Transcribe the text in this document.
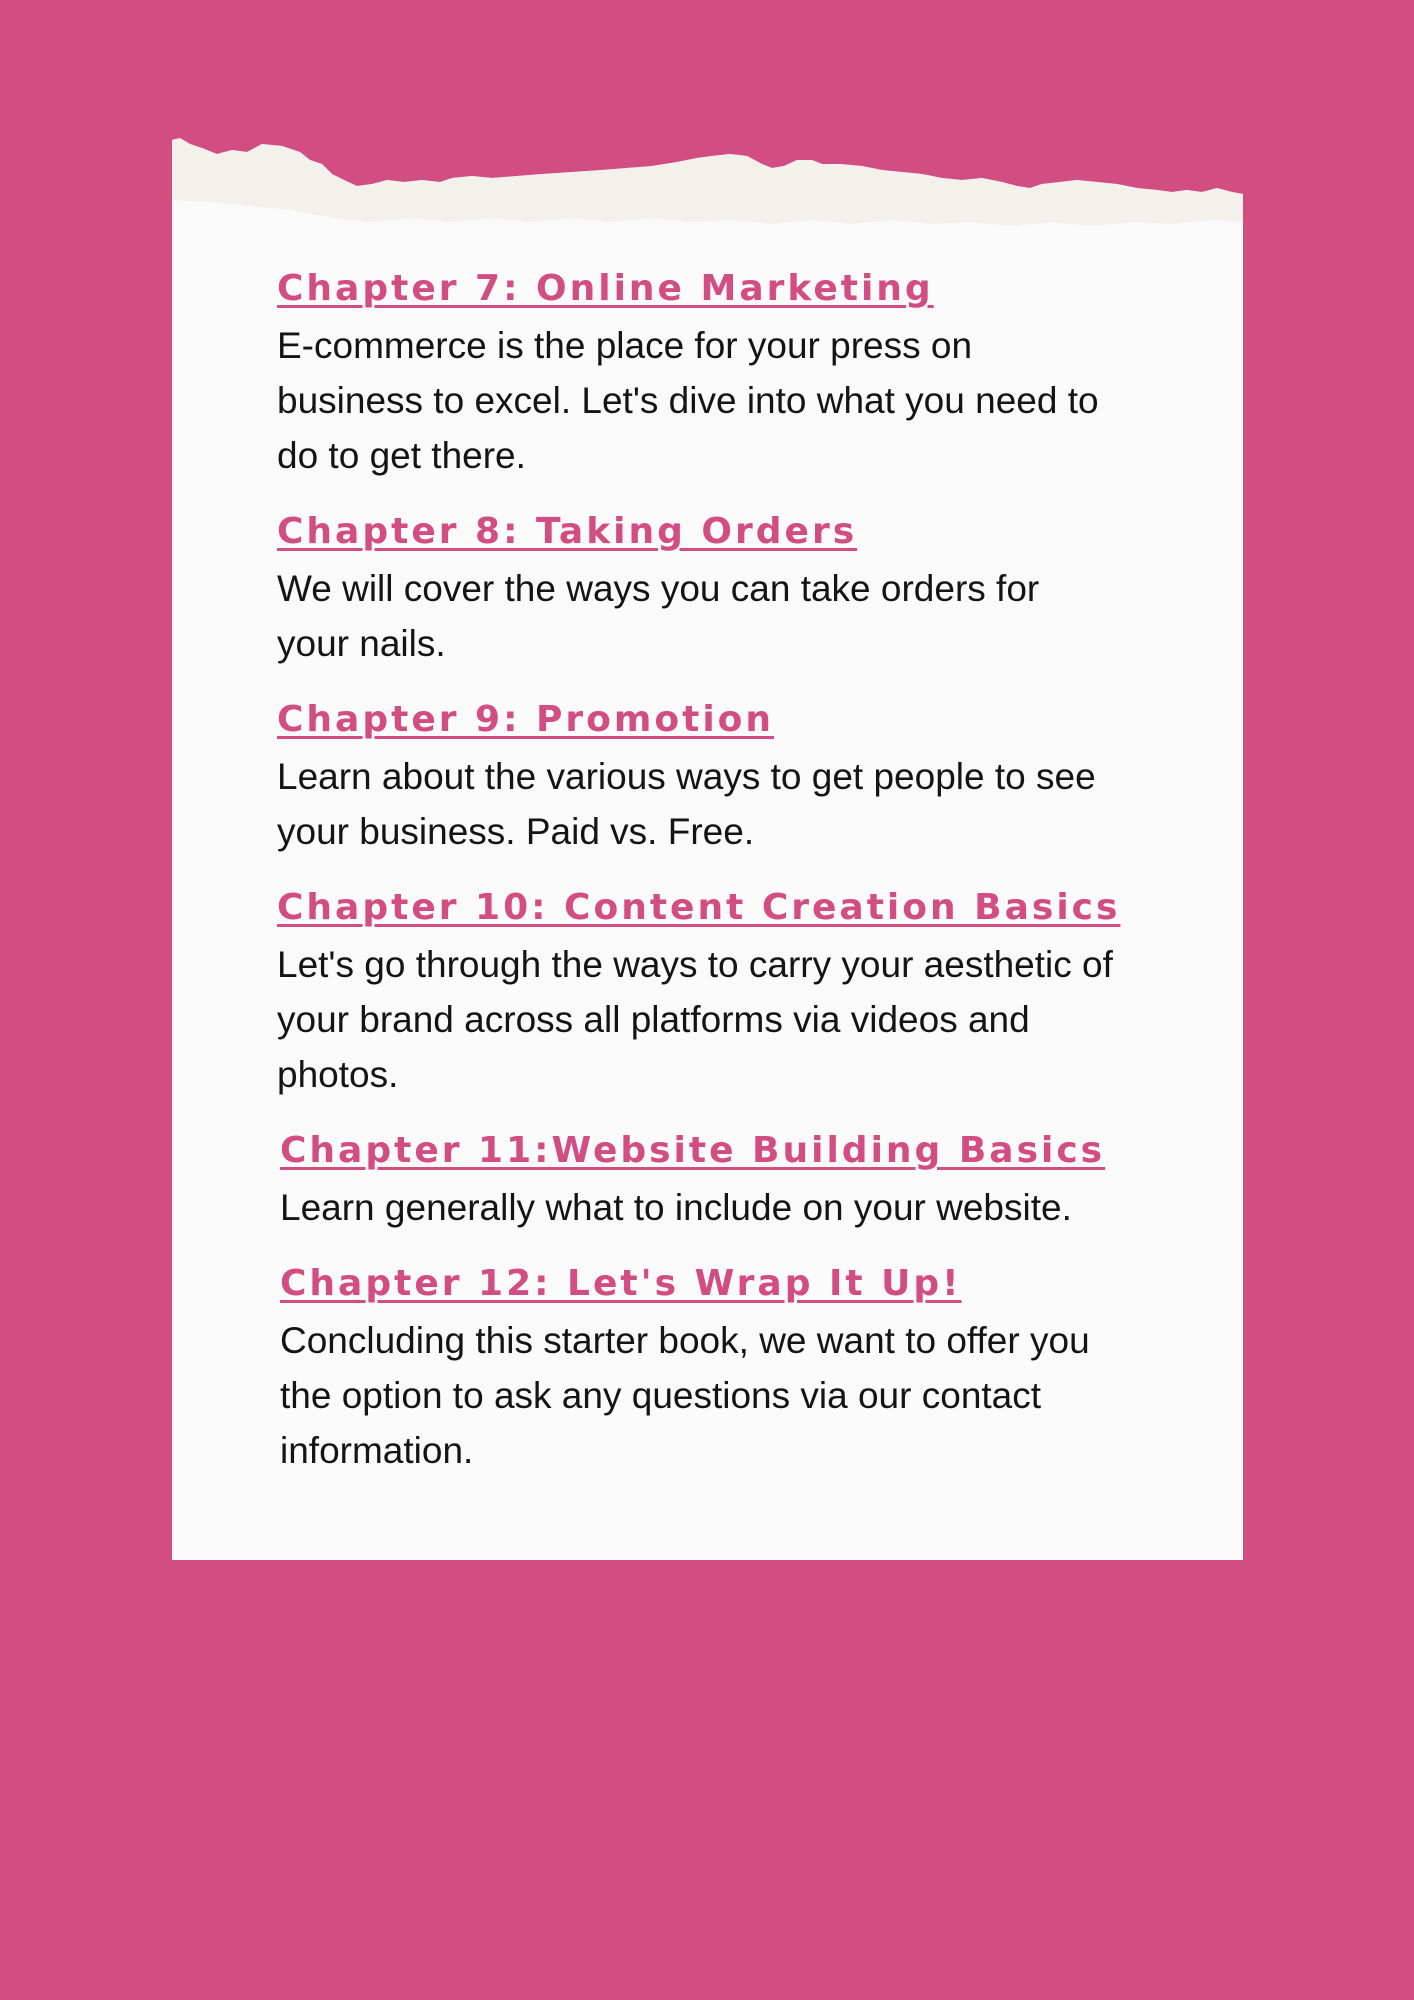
Chapter 7: Online Marketing
E-commerce is the place for your press on business to excel. Let's dive into what you need to do to get there.
Chapter 8: Taking Orders
We will cover the ways you can take orders for your nails.
Chapter 9: Promotion
Learn about the various ways to get people to see your business. Paid vs. Free.
Chapter 10: Content Creation Basics
Let's go through the ways to carry your aesthetic of your brand across all platforms via videos and photos.
Chapter 11:Website Building Basics
Learn generally what to include on your website.
Chapter 12: Let's Wrap It Up!
Concluding this starter book, we want to offer you the option to ask any questions via our contact information.
